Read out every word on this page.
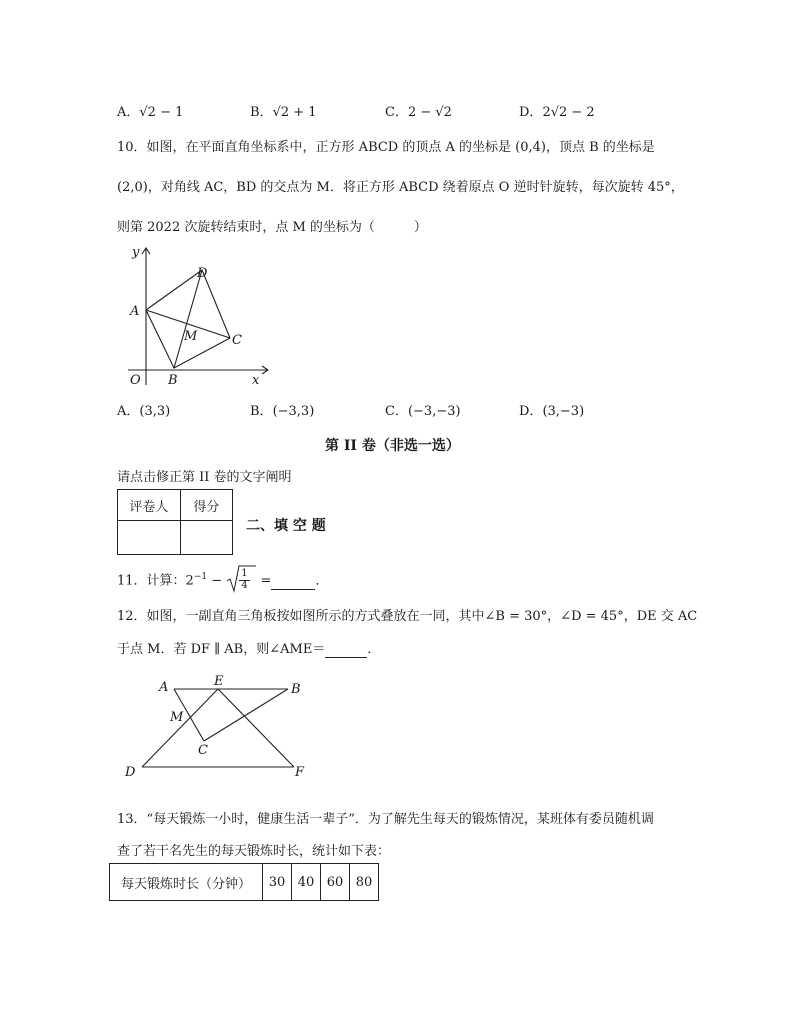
A．√2 − 1	B．√2 + 1	C．2 − √2	D．2√2 − 2
10．如图，在平面直角坐标系中，正方形 ABCD 的顶点 A 的坐标是 (0,4)，顶点 B 的坐标是
(2,0)，对角线 AC，BD 的交点为 M．将正方形 ABCD 绕着原点 O 逆时针旋转，每次旋转 45°，
则第 2022 次旋转结束时，点 M 的坐标为（　　　）
y
x
O
A
B
C
D
M
A．(3,3)	B．(−3,3)	C．(−3,−3)	D．(3,−3)
第 II 卷（非选一选）
请点击修正第 II 卷的文字阐明
评卷人	得分

二、填 空 题
11．计算：$2^{-1} - \frac{1}{4}$ =	．
12．如图，一副直角三角板按如图所示的方式叠放在一同，其中∠B = 30°，∠D = 45°，DE 交 AC
于点 M．若 DF ∥ AB，则∠AME＝	．
A	E
B
M
C
D	F
13．“每天锻炼一小时，健康生活一辈子”．为了解先生每天的锻炼情况，某班体有委员随机调
查了若干名先生的每天锻炼时长，统计如下表：
每天锻炼时长（分钟）	30	40	60	80
